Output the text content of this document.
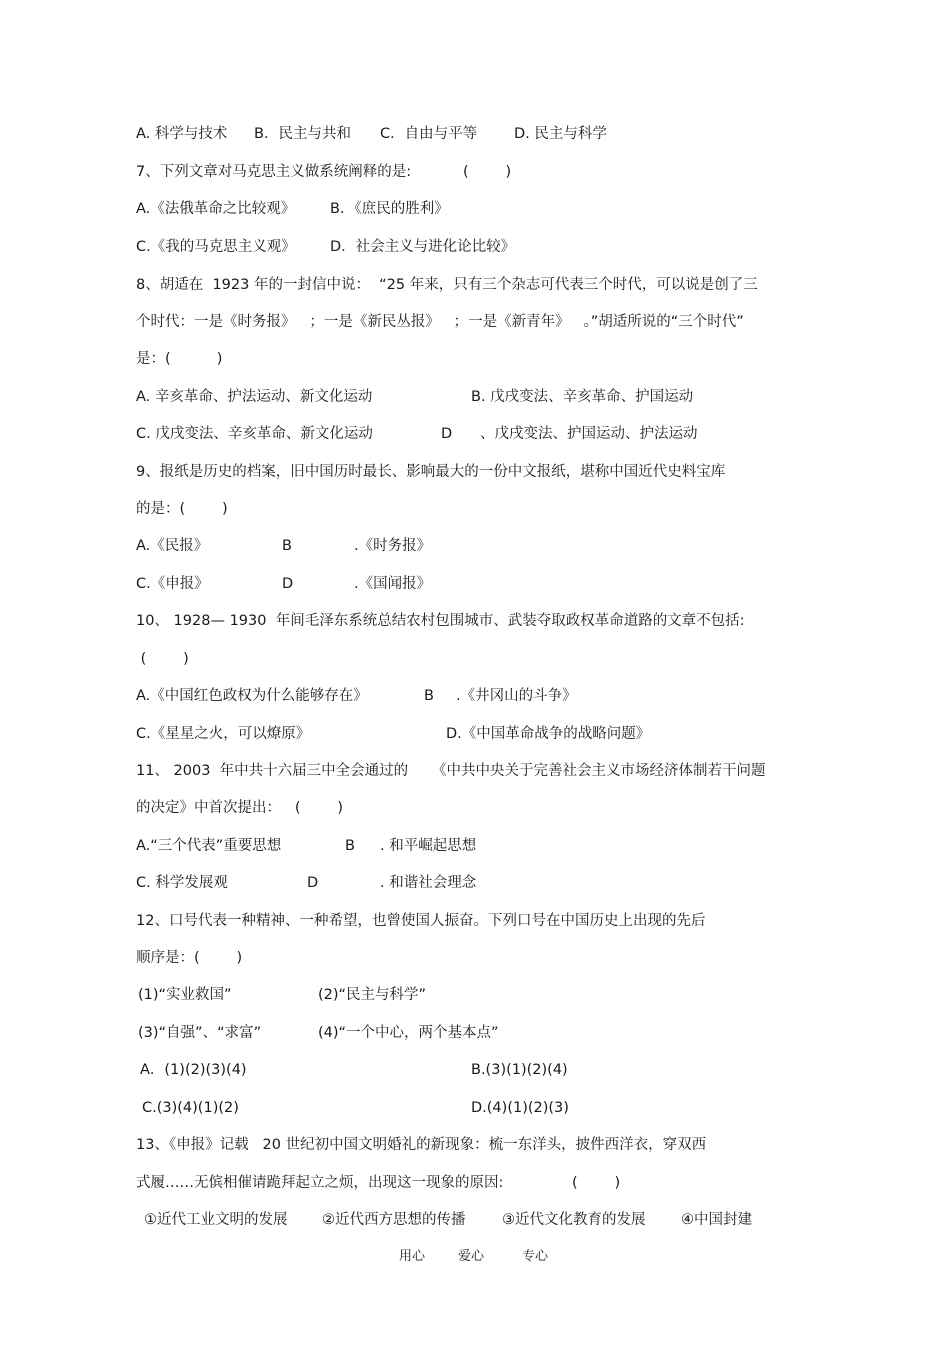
A. 科学与技术 B．民主与共和 C．自由与平等	D. 民主与科学
7、下列文章对马克思主义做系统阐释的是:	(        )
A.《法俄革命之比较观》 B．《庶民的胜利》
C.《我的马克思主义观》 D．社会主义与进化论比较》
8、胡适在  1923 年的一封信中说：  “25 年来，只有三个杂志可代表三个时代，可以说是创了三
个时代：一是《时务报》   ；一是《新民丛报》   ；一是《新青年》   。”胡适所说的“三个时代”
是：(          )
A. 辛亥革命、护法运动、新文化运动	B. 戊戌变法、辛亥革命、护国运动
C. 戊戌变法、辛亥革命、新文化运动	D 、戊戌变法、护国运动、护法运动
9、报纸是历史的档案，旧中国历时最长、影响最大的一份中文报纸，堪称中国近代史料宝库
的是：(        )
A.《民报》	B	.《时务报》
C.《申报》	D	.《国闻报》
10、 1928— 1930  年间毛泽东系统总结农村包围城市、武装夺取政权革命道路的文章不包括:
(        )
A.《中国红色政权为什么能够存在》	B .《井冈山的斗争》
C.《星星之火，可以燎原》	D.《中国革命战争的战略问题》
11、 2003  年中共十六届三中全会通过的 《中共中央关于完善社会主义市场经济体制若干问题
的决定》中首次提出：   (        )
A.“三个代表”重要思想	B . 和平崛起思想
C. 科学发展观	D	. 和谐社会理念
12、口号代表一种精神、一种希望，也曾使国人振奋。下列口号在中国历史上出现的先后
顺序是：(        )
(1)“实业救国”	(2)“民主与科学”
(3)“自强”、“求富”	(4)“一个中心，两个基本点”
A．(1)(2)(3)(4)	B.(3)(1)(2)(4)
C.(3)(4)(1)(2)	D.(4)(1)(2)(3)
13、《申报》记载   20 世纪初中国文明婚礼的新现象：梳一东洋头，披件西洋衣，穿双西
式履……无傧相催请跪拜起立之烦，出现这一现象的原因:	(        )
①近代工业文明的发展 ②近代西方思想的传播	③近代文化教育的发展 ④中国封建
用心	爱心	专心
